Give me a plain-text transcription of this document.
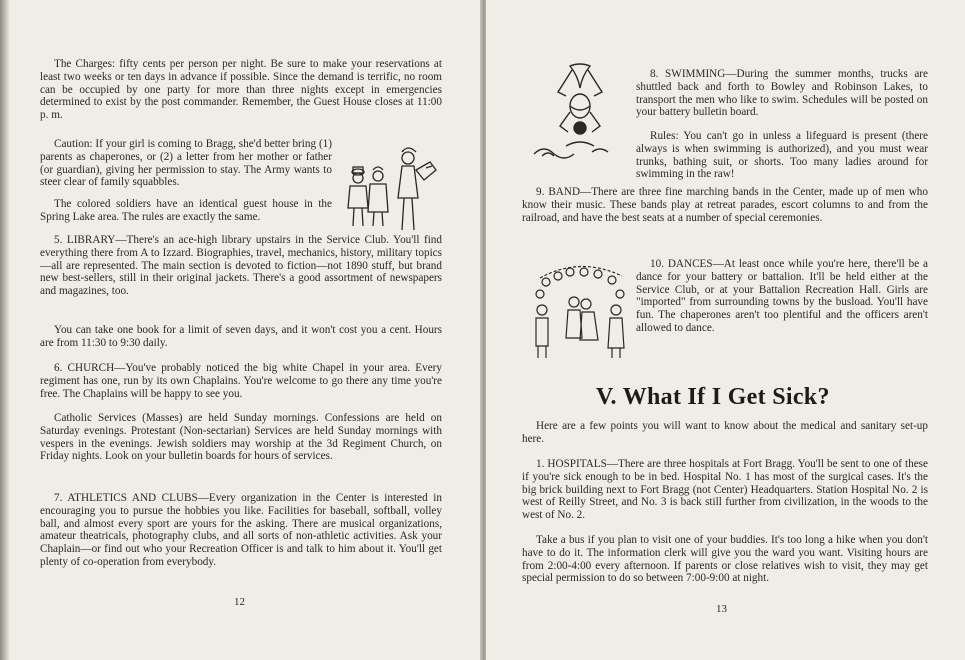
The Charges: fifty cents per person per night. Be sure to make your reservations at least two weeks or ten days in advance if possible. Since the demand is terrific, no room can be occupied by one party for more than three nights except in emergencies determined to exist by the post commander. Remember, the Guest House closes at 11:00 p. m.

Caution: If your girl is coming to Bragg, she'd better bring (1) parents as chaperones, or (2) a letter from her mother or father (or guardian), giving her permission to stay. The Army wants to steer clear of family squabbles.

The colored soldiers have an identical guest house in the Spring Lake area. The rules are exactly the same.

5. LIBRARY—There's an ace-high library upstairs in the Service Club. You'll find everything there from A to Izzard. Biographies, travel, mechanics, history, military topics—all are represented. The main section is devoted to fiction—not 1890 stuff, but brand new best-sellers, still in their original jackets. There's a good assortment of newspapers and magazines, too.

You can take one book for a limit of seven days, and it won't cost you a cent. Hours are from 11:30 to 9:30 daily.

6. CHURCH—You've probably noticed the big white Chapel in your area. Every regiment has one, run by its own Chaplains. You're welcome to go there any time you're free. The Chaplains will be happy to see you.

Catholic Services (Masses) are held Sunday mornings. Confessions are held on Saturday evenings. Protestant (Non-sectarian) Services are held Sunday mornings with vespers in the evenings. Jewish soldiers may worship at the 3d Regiment Church, on Friday nights. Look on your bulletin boards for hours of services.

7. ATHLETICS AND CLUBS—Every organization in the Center is interested in encouraging you to pursue the hobbies you like. Facilities for baseball, softball, volley ball, and almost every sport are yours for the asking. There are musical organizations, amateur theatricals, photography clubs, and all sorts of non-athletic activities. Ask your Chaplain—or find out who your Recreation Officer is and talk to him about it. You'll get plenty of co-operation from everybody.

12

8. SWIMMING—During the summer months, trucks are shuttled back and forth to Bowley and Robinson Lakes, to transport the men who like to swim. Schedules will be posted on your battery bulletin board.

Rules: You can't go in unless a lifeguard is present (there always is when swimming is authorized), and you must wear trunks, bathing suit, or shorts. Too many ladies around for swimming in the raw!

9. BAND—There are three fine marching bands in the Center, made up of men who know their music. These bands play at retreat parades, escort columns to and from the railroad, and have the best seats at a number of special ceremonies.

10. DANCES—At least once while you're here, there'll be a dance for your battery or battalion. It'll be held either at the Service Club, or at your Battalion Recreation Hall. Girls are "imported" from surrounding towns by the busload. You'll have fun. The chaperones aren't too plentiful and the officers aren't allowed to dance.

V. What If I Get Sick?

Here are a few points you will want to know about the medical and sanitary set-up here.

1. HOSPITALS—There are three hospitals at Fort Bragg. You'll be sent to one of these if you're sick enough to be in bed. Hospital No. 1 has most of the surgical cases. It's the big brick building next to Fort Bragg (not Center) Headquarters. Station Hospital No. 2 is west of Reilly Street, and No. 3 is back still further from civilization, in the woods to the west of No. 2.

Take a bus if you plan to visit one of your buddies. It's too long a hike when you don't have to do it. The information clerk will give you the ward you want. Visiting hours are from 2:00-4:00 every afternoon. If parents or close relatives wish to visit, they may get special permission to do so between 7:00-9:00 at night.

13
